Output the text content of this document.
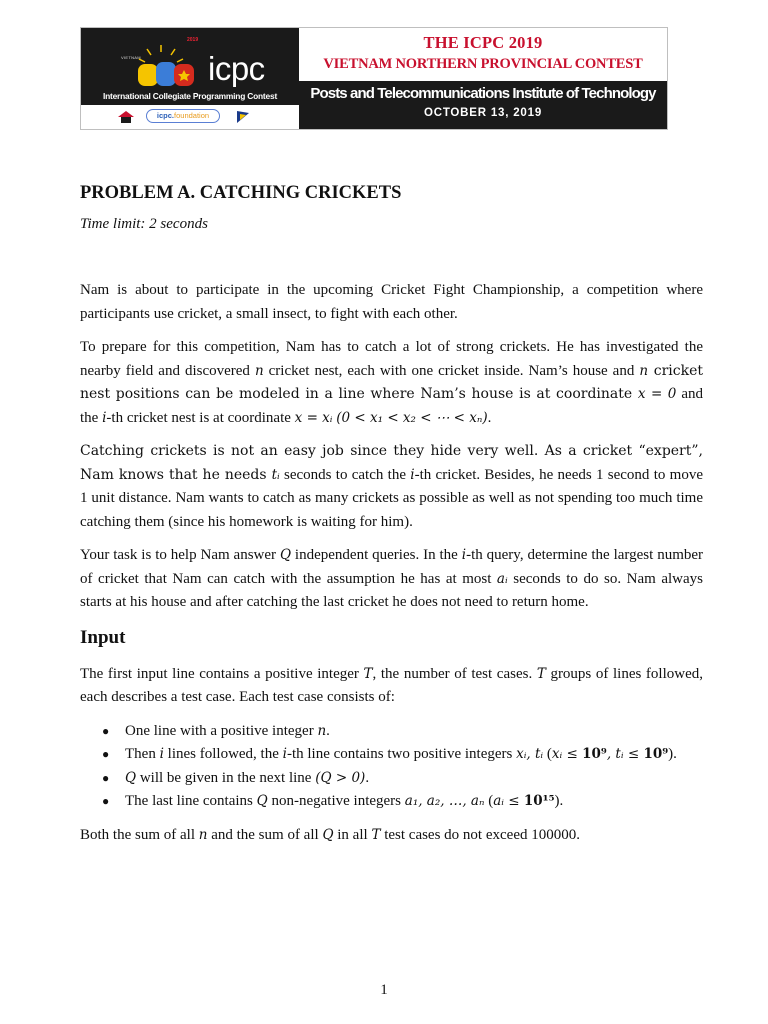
VIETNAM
2019
icpc
International Collegiate Programming Contest
icpc.foundation
THE ICPC 2019
VIETNAM NORTHERN PROVINCIAL CONTEST
Posts and Telecommunications Institute of Technology
OCTOBER 13, 2019
PROBLEM A. CATCHING CRICKETS

Time limit: 2 seconds

Nam is about to participate in the upcoming Cricket Fight Championship, a competition where participants use cricket, a small insect, to fight with each other.

To prepare for this competition, Nam has to catch a lot of strong crickets. He has investigated the nearby field and discovered n cricket nest, each with one cricket inside. Nam’s house and n cricket nest positions can be modeled in a line where Nam’s house is at coordinate x = 0 and the i-th cricket nest is at coordinate x = xᵢ (0 < x₁ < x₂ < ⋯ < xₙ).

Catching crickets is not an easy job since they hide very well. As a cricket “expert”, Nam knows that he needs tᵢ seconds to catch the i-th cricket. Besides, he needs 1 second to move 1 unit distance. Nam wants to catch as many crickets as possible as well as not spending too much time catching them (since his homework is waiting for him).

Your task is to help Nam answer Q independent queries. In the i-th query, determine the largest number of cricket that Nam can catch with the assumption he has at most aᵢ seconds to do so. Nam always starts at his house and after catching the last cricket he does not need to return home.

Input

The first input line contains a positive integer T, the number of test cases. T groups of lines followed, each describes a test case. Each test case consists of:

● One line with a positive integer n.
● Then i lines followed, the i-th line contains two positive integers xᵢ, tᵢ (xᵢ ≤ 10⁹, tᵢ ≤ 10⁹).
● Q will be given in the next line (Q > 0).
● The last line contains Q non-negative integers a₁, a₂, …, aₙ (aᵢ ≤ 10¹⁵).

Both the sum of all n and the sum of all Q in all T test cases do not exceed 100000.

1
